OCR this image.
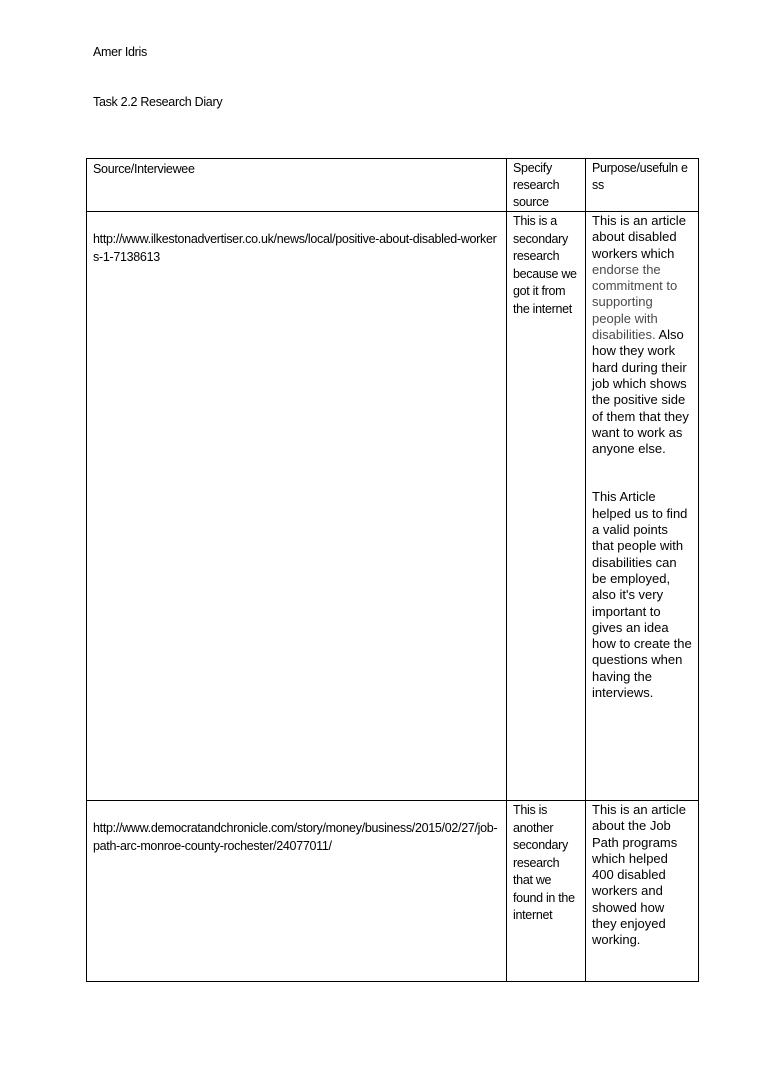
Amer Idris
Task 2.2 Research Diary
Source/Interviewee	Specify research source	Purpose/usefuln ess

http://www.ilkestonadvertiser.co.uk/news/local/positive-about-disabled-workers-1-7138613	This is a secondary research because we got it from the internet	This is an article about disabled workers which endorse the commitment to supporting people with disabilities. Also how they work hard during their job which shows the positive side of them that they want to work as anyone else.

This Article helped us to find a valid points that people with disabilities can be employed, also it's very important to gives an idea how to create the questions when having the interviews.

http://www.democratandchronicle.com/story/money/business/2015/02/27/job-path-arc-monroe-county-rochester/24077011/	This is another secondary research that we found in the internet	This is an article about the Job Path programs which helped 400 disabled workers and showed how they enjoyed working.
